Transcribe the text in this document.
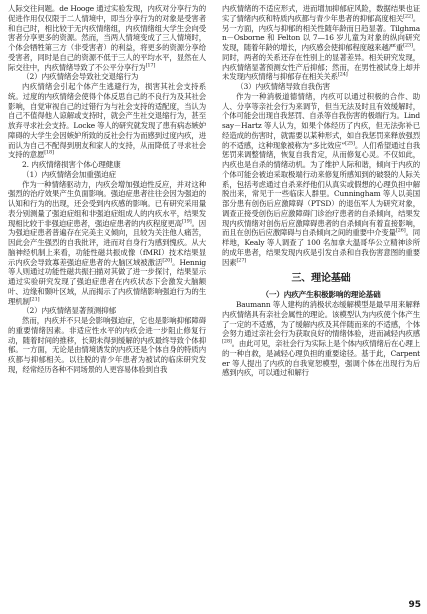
人际交往问题。de Hooge 通过实验发现，内疚对分享行为的促进作用仅仅限于二人情境中，即当分享行为的对象是受害者和自己时，相比较于无内疚情绪组，内疚情绪组大学生会向受害者分享更多的资源。然而，当两人情境变成了三人情境时，个体会牺牲第三方（非受害者）的利益，将更多的资源分享给受害者，同时是自己的资源不低于三人的平均水平，显然在人际交往中，内疚情绪导致了不公平分享行为[17]

（2）内疚情绪会导致社交退缩行为

内疚情绪会引起个体产生逃避行为，损害其社会支持系统。过度的内疚情绪会使得个体反思自己的不良行为及其社会影响，自觉审视自己的过错行为与社会支持的适配度，当认为自己不值得他人谅解或支持时，就会产生社交退缩行为，甚至放弃寻求社会支持。Locke 等人的研究就发现了患有病态嫉妒障碍的大学生会因嫉妒所致的反社会行为而感到过度内疚，进而认为自己不配得到朋友和家人的支持，从而降低了寻求社会支持的意愿[18]

2. 内疚情绪损害个体心理健康
（1）内疚情绪会加重强迫症

作为一种情绪驱动力，内疚会增加强迫性反应，并对这种强烈的治疗效果产生负面影响。强迫症患者往往会因为强迫的认知和行为的出现，还会受到内疚感的影响。已有研究采用量表分别测量了强迫症组和非强迫症组成人的内疚水平，结果发现相比较于非强迫症患者，强迫症患者的内疚程度更高[19]。因为强迫症患者普遍存在完美主义倾向，且较为关注他人痛苦，因此会产生强烈的自我批评，进而对自身行为感到愧疚。从大脑神经机制上来看，功能性磁共振成像（fMRI）技术结果显示内疚会导致寡差强迫症患者的大脑区域被激活[20]。Hennig 等人则通过功能性磁共振扫描对其做了进一步探讨，结果显示通过实验研究发现了强迫症患者在内疚状态下会激发大脑额叶、边缘和颞叶区域，从而揭示了内疚情绪影响强迫行为的生理机制[21]

（2）内疚情绪显著预测抑郁

然而，内疚并不只是会影响强迫症，它也是影响抑郁障碍的重要情绪因素。非适应性水平的内疚会进一步阻止修复行动，随着时间的推移，长期未得到缓解的内疚最终导致个体抑郁。一方面，无论是由情境诱发的内疚还是个体自身的特质内疚都与抑郁相关。以往脱的青少年患者为被试的临床研究发现，经常经历各种不同场景的人更容易体验到自我

内疚情绪的不适应形式，进而增加抑郁症风险，数据结果也证实了情绪内疚和特质内疚都与青少年患者的抑郁高度相关[22]。另一方面，内疚与抑郁的相关性随年龄而日趋显著。Tilghman－Osborne 和 Felton 以 7—16 岁儿童为对象的纵向研究发现，随着年龄的增长，内疚感会使抑郁程度越来越严重[23]。同时，两者的关系还存在性别上的显著差异。相关研究发现，内疚情绪显著预测女性产后抑郁；然而，在男性被试身上却并未发现内疚情绪与抑郁存在相关关系[24]

（3）内疚情绪导致自我伤害

作为一种消极道德情绪，内疚可以通过积极的合作、助人、分享等亲社会行为来调节，但当无法及时且有效缓解时，个体可能会出现自我惩罚、自杀等自我伤害的极端行为。Lindsay－Hartz 等人认为，如果个体经历了内疚，但无法弥补已经造成的伤害时，就需要以某种形式，如自我惩罚来释放强烈的不适感，这种现象被称为“多比效应”[25]。人们希望通过自我惩罚来调整情绪，恢复自我肯定，从而修复心灵。不仅如此，内疚也是自杀的情绪动机。为了维护人际和谐，倾向于内疚的个体可能会被迫采取极端行动来修复所感知到的破裂的人际关系，包括考虑通过自杀来纾他们从真实或假想的心理负担中解脱出来，常见于一些临床人群里。Cunningham 等人以美国部分患有创伤后应激障碍（PTSD）的退伍军人为研究对象，调查正接受创伤后应激障碍门诊治疗患者的自杀倾向，结果发现内疚情绪对创伤后应激障碍患者的自杀倾向有着直接影响，而且在创伤后应激障碍与自杀倾向之间的重要中介变量[26]。同样地，Kealy 等人调查了 100 名加拿大温哥华公立精神诊所的成年患者，结果发现内疚是引发自杀和自我伤害意图的重要因素[27]

三、理论基础
（一）内疚产生积极影响的理论基础

Baumann 等人建构的消极状态缓解模型是最早用来解释内疚情绪具有亲社会属性的理论。该模型认为内疚使个体产生了一定的不适感，为了缓解内疚及其伴随而来的不适感，个体会努力通过亲社会行为获取良好的情绪体验，进而减轻内疚感[28]。由此可见，亲社会行为实际上是个体内疚情绪后在心理上的一种自救，是减轻心理负担的重要途径。基于此，Carpenter 等人提出了内疚的自我宽恕模型，强调个体在出现行为后感到内疚，可以通过和解行

95
